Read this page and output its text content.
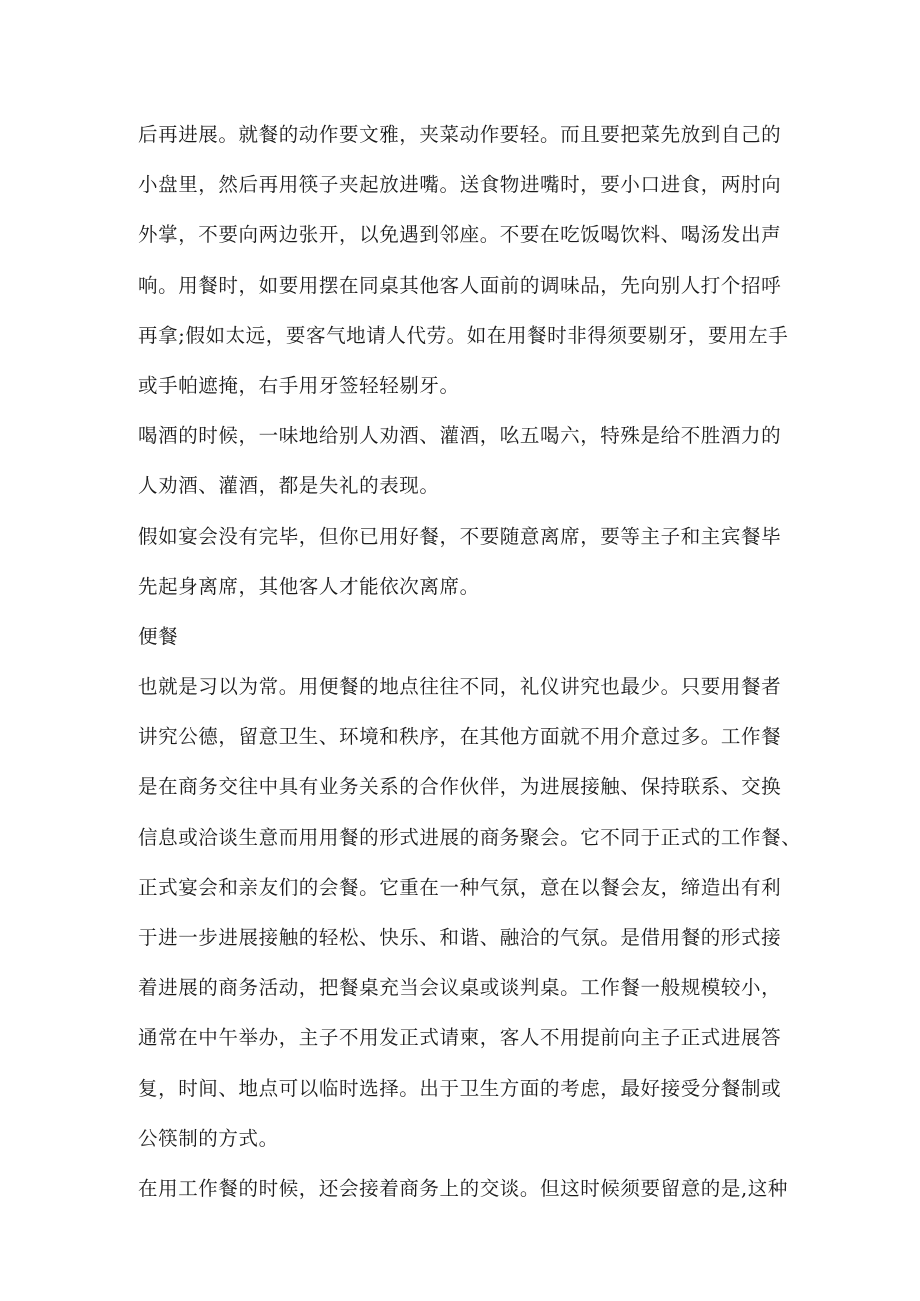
后再进展。就餐的动作要文雅，夹菜动作要轻。而且要把菜先放到自己的
小盘里，然后再用筷子夹起放进嘴。送食物进嘴时，要小口进食，两肘向
外掌，不要向两边张开，以免遇到邻座。不要在吃饭喝饮料、喝汤发出声
响。用餐时，如要用摆在同桌其他客人面前的调味品，先向别人打个招呼
再拿;假如太远，要客气地请人代劳。如在用餐时非得须要剔牙，要用左手
或手帕遮掩，右手用牙签轻轻剔牙。
喝酒的时候，一味地给别人劝酒、灌酒，吆五喝六，特殊是给不胜酒力的
人劝酒、灌酒，都是失礼的表现。
假如宴会没有完毕，但你已用好餐，不要随意离席，要等主子和主宾餐毕
先起身离席，其他客人才能依次离席。
便餐
也就是习以为常。用便餐的地点往往不同，礼仪讲究也最少。只要用餐者
讲究公德，留意卫生、环境和秩序，在其他方面就不用介意过多。工作餐
是在商务交往中具有业务关系的合作伙伴，为进展接触、保持联系、交换
信息或洽谈生意而用用餐的形式进展的商务聚会。它不同于正式的工作餐、
正式宴会和亲友们的会餐。它重在一种气氛，意在以餐会友，缔造出有利
于进一步进展接触的轻松、快乐、和谐、融洽的气氛。是借用餐的形式接
着进展的商务活动，把餐桌充当会议桌或谈判桌。工作餐一般规模较小，
通常在中午举办，主子不用发正式请柬，客人不用提前向主子正式进展答
复，时间、地点可以临时选择。出于卫生方面的考虑，最好接受分餐制或
公筷制的方式。
在用工作餐的时候，还会接着商务上的交谈。但这时候须要留意的是,这种
